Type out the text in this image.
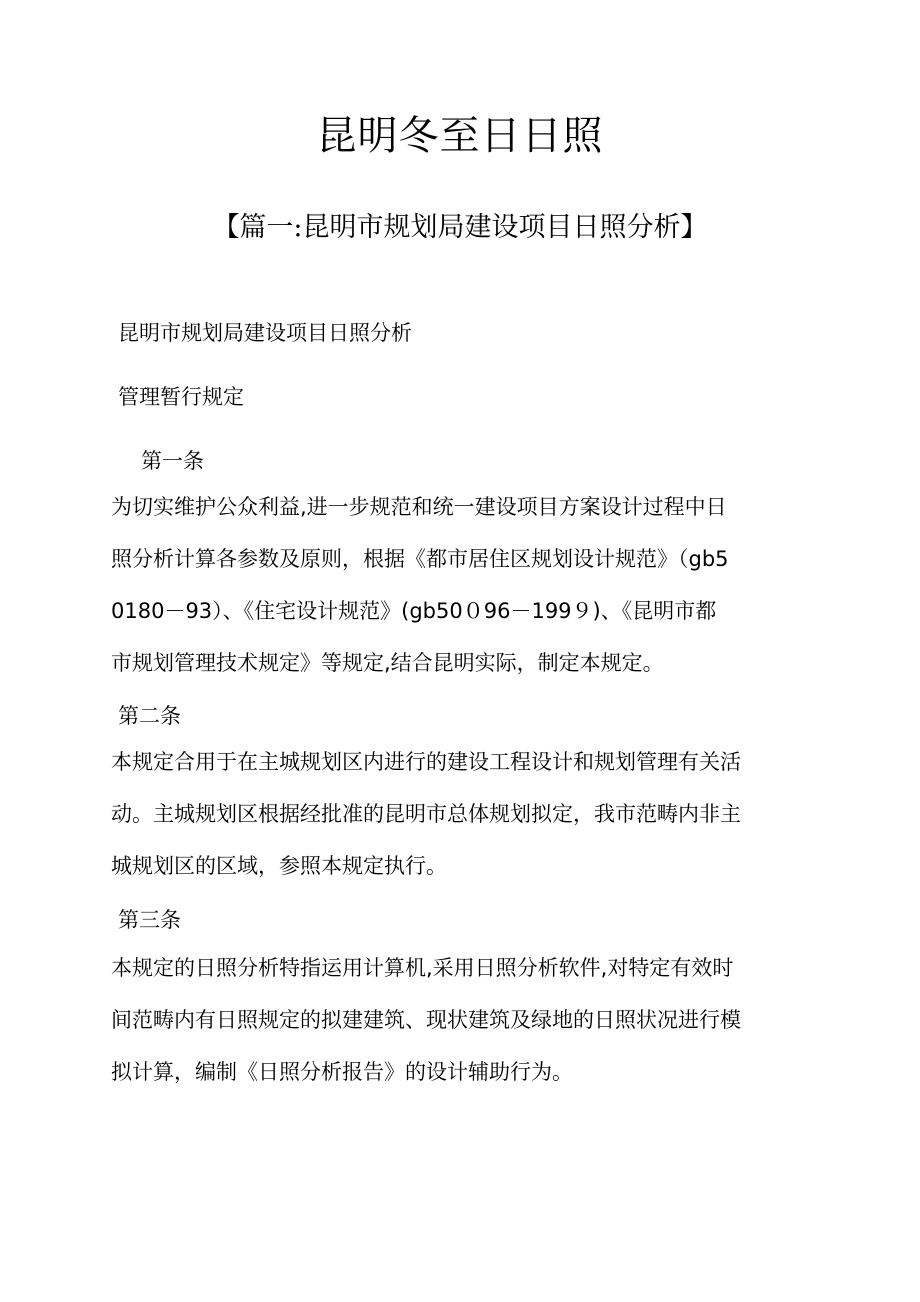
昆明冬至日日照
【篇一:昆明市规划局建设项目日照分析】
昆明市规划局建设项目日照分析
管理暂行规定
第一条
为切实维护公众利益,进一步规范和统一建设项目方案设计过程中日
照分析计算各参数及原则，根据《都市居住区规划设计规范》（gb5
0180－93）、《住宅设计规范》(gb50０96－199９)、《昆明市都
市规划管理技术规定》等规定,结合昆明实际，制定本规定。
第二条
本规定合用于在主城规划区内进行的建设工程设计和规划管理有关活
动。主城规划区根据经批准的昆明市总体规划拟定，我市范畴内非主
城规划区的区域，参照本规定执行。
第三条
本规定的日照分析特指运用计算机,采用日照分析软件,对特定有效时
间范畴内有日照规定的拟建建筑、现状建筑及绿地的日照状况进行模
拟计算，编制《日照分析报告》的设计辅助行为。
